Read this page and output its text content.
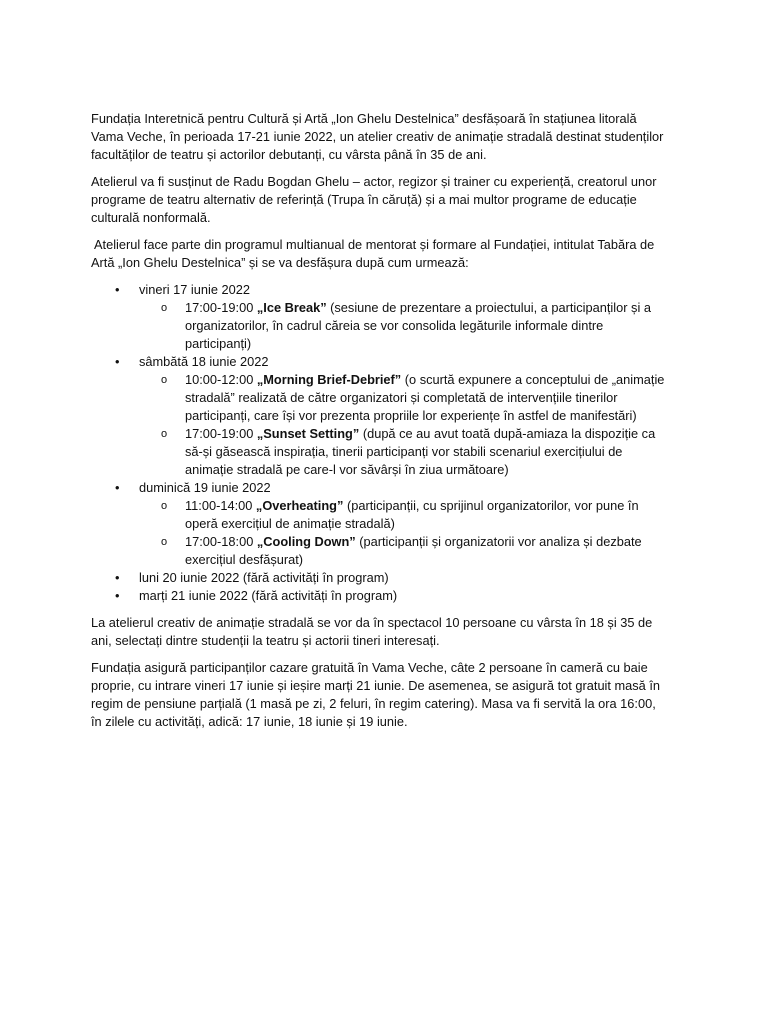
Fundația Interetnică pentru Cultură și Artă „Ion Ghelu Destelnica” desfășoară în stațiunea litorală Vama Veche, în perioada 17-21 iunie 2022, un atelier creativ de animație stradală destinat studenților facultăților de teatru și actorilor debutanți, cu vârsta până în 35 de ani.

Atelierul va fi susținut de Radu Bogdan Ghelu – actor, regizor și trainer cu experiență, creatorul unor programe de teatru alternativ de referință (Trupa în căruță) și a mai multor programe de educație culturală nonformală.

Atelierul face parte din programul multianual de mentorat și formare al Fundației, intitulat Tabăra de Artă „Ion Ghelu Destelnica” și se va desfășura după cum urmează:

• vineri 17 iunie 2022
o 17:00-19:00 „Ice Break” (sesiune de prezentare a proiectului, a participanților și a organizatorilor, în cadrul căreia se vor consolida legăturile informale dintre participanți)
• sâmbătă 18 iunie 2022
o 10:00-12:00 „Morning Brief-Debrief” (o scurtă expunere a conceptului de „animație stradală” realizată de către organizatori și completată de intervențiile tinerilor participanți, care își vor prezenta propriile lor experiențe în astfel de manifestări)
o 17:00-19:00 „Sunset Setting” (după ce au avut toată după-amiaza la dispoziție ca să-și găsească inspirația, tinerii participanți vor stabili scenariul exercițiului de animație stradală pe care-l vor săvârși în ziua următoare)
• duminică 19 iunie 2022
o 11:00-14:00 „Overheating” (participanții, cu sprijinul organizatorilor, vor pune în operă exercițiul de animație stradală)
o 17:00-18:00 „Cooling Down” (participanții și organizatorii vor analiza și dezbate exercițiul desfășurat)
• luni 20 iunie 2022 (fără activități în program)
• marți 21 iunie 2022 (fără activități în program)

La atelierul creativ de animație stradală se vor da în spectacol 10 persoane cu vârsta în 18 și 35 de ani, selectați dintre studenții la teatru și actorii tineri interesați.

Fundația asigură participanților cazare gratuită în Vama Veche, câte 2 persoane în cameră cu baie proprie, cu intrare vineri 17 iunie și ieșire marți 21 iunie. De asemenea, se asigură tot gratuit masă în regim de pensiune parțială (1 masă pe zi, 2 feluri, în regim catering). Masa va fi servită la ora 16:00, în zilele cu activități, adică: 17 iunie, 18 iunie și 19 iunie.
